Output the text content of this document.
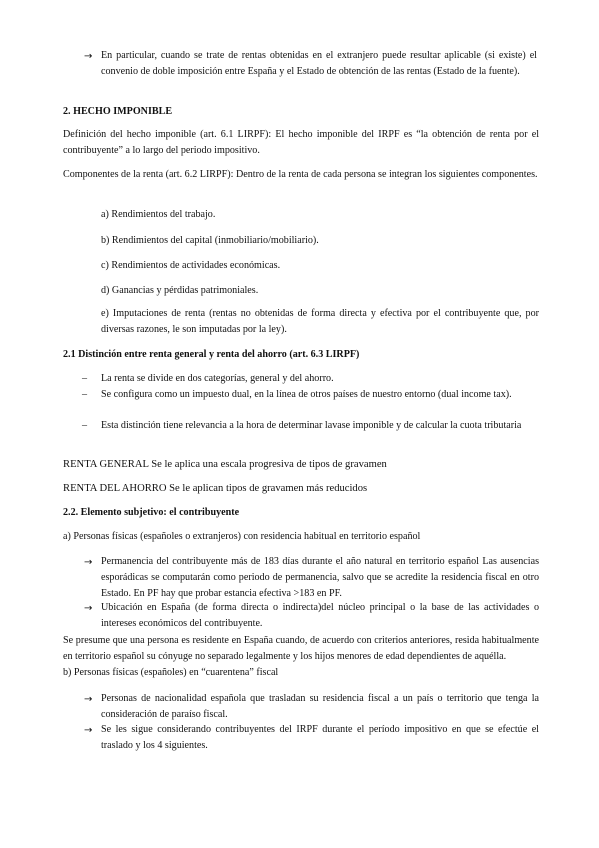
→ En particular, cuando se trate de rentas obtenidas en el extranjero puede resultar aplicable (si existe) el convenio de doble imposición entre España y el Estado de obtención de las rentas (Estado de la fuente).
2. HECHO IMPONIBLE
Definición del hecho imponible (art. 6.1 LIRPF): El hecho imponible del IRPF es “la obtención de renta por el contribuyente” a lo largo del periodo impositivo.
Componentes de la renta (art. 6.2 LIRPF): Dentro de la renta de cada persona se integran los siguientes componentes.
a) Rendimientos del trabajo.
b) Rendimientos del capital (inmobiliario/mobiliario).
c) Rendimientos de actividades económicas.
d) Ganancias y pérdidas patrimoniales.
e) Imputaciones de renta (rentas no obtenidas de forma directa y efectiva por el contribuyente que, por diversas razones, le son imputadas por la ley).
2.1 Distinción entre renta general y renta del ahorro (art. 6.3 LIRPF)
– La renta se divide en dos categorías, general y del ahorro.
– Se configura como un impuesto dual, en la línea de otros países de nuestro entorno (dual income tax).
– Esta distinción tiene relevancia a la hora de determinar lavase imponible y de calcular la cuota tributaria
RENTA GENERAL Se le aplica una escala progresiva de tipos de gravamen
RENTA DEL AHORRO Se le aplican tipos de gravamen más reducidos
2.2. Elemento subjetivo: el contribuyente
a) Personas físicas (españoles o extranjeros) con residencia habitual en territorio español
→ Permanencia del contribuyente más de 183 días durante el año natural en territorio español Las ausencias esporádicas se computarán como periodo de permanencia, salvo que se acredite la residencia fiscal en otro Estado. En PF hay que probar estancia efectiva >183 en PF.
→ Ubicación en España (de forma directa o indirecta)del núcleo principal o la base de las actividades o intereses económicos del contribuyente.
Se presume que una persona es residente en España cuando, de acuerdo con criterios anteriores, resida habitualmente en territorio español su cónyuge no separado legalmente y los hijos menores de edad dependientes de aquélla.
b) Personas físicas (españoles) en “cuarentena” fiscal
→ Personas de nacionalidad española que trasladan su residencia fiscal a un país o territorio que tenga la consideración de paraíso fiscal.
→ Se les sigue considerando contribuyentes del IRPF durante el período impositivo en que se efectúe el traslado y los 4 siguientes.
